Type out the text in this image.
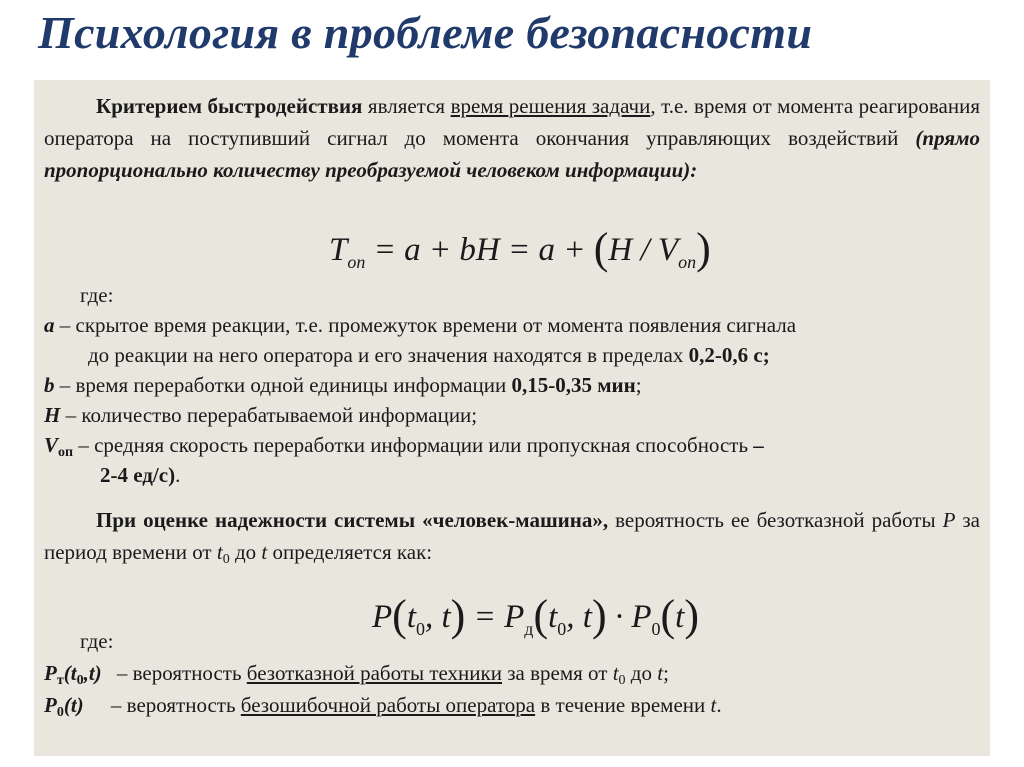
Психология в проблеме безопасности

Критерием быстродействия является время решения задачи, т.е. время от момента реагирования оператора на поступивший сигнал до момента окончания управляющих воздействий (прямо пропорционально количеству преобразуемой человеком информации):

$T_{оп} = a$ + bH = $a + (H / V_{оп})$

где:

a – скрытое время реакции, т.е. промежуток времени от момента появления сигнала

до реакции на него оператора и его значения находятся в пределах 0,2-0,6 с;

b – время переработки одной единицы информации 0,15-0,35 мин;

H – количество перерабатываемой информации;

Vоп – средняя скорость переработки информации или пропускная способность –

2-4 ед/с).

При оценке надежности системы «человек-машина», вероятность ее безотказной работы P за период времени от t0 до t определяется как:

$P(t_0$, $t) = P_д(t_0$, $t) \cdot P_0(t)$

где:

Pт(t0,t) – вероятность безотказной работы техники за время от t0 до t;

P0(t) – вероятность безошибочной работы оператора в течение времени t.
